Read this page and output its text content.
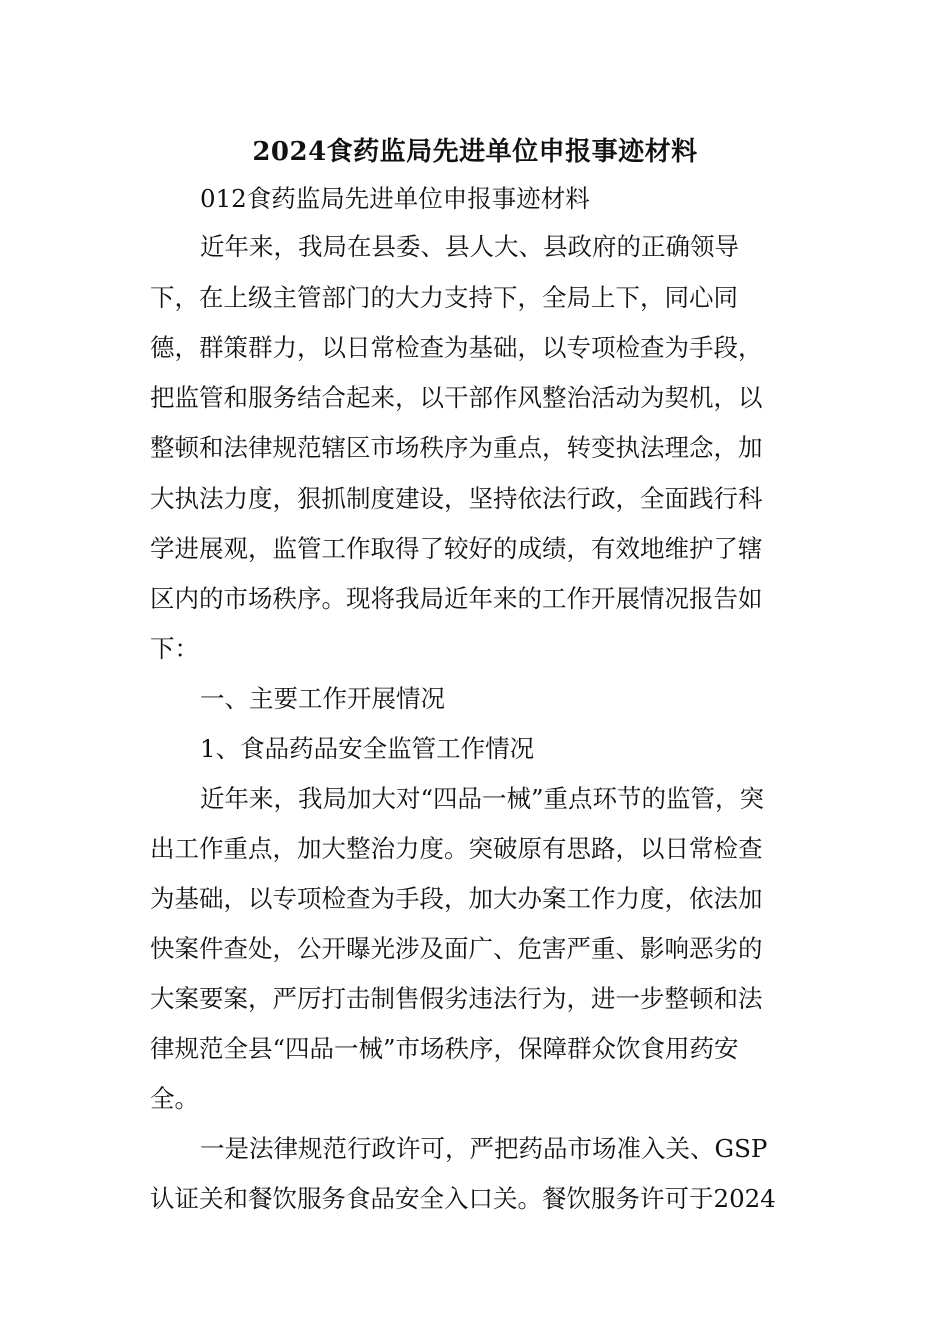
2024食药监局先进单位申报事迹材料

012食药监局先进单位申报事迹材料

近年来，我局在县委、县人大、县政府的正确领导

下，在上级主管部门的大力支持下，全局上下，同心同

德，群策群力，以日常检查为基础，以专项检查为手段，

把监管和服务结合起来，以干部作风整治活动为契机，以

整顿和法律规范辖区市场秩序为重点，转变执法理念，加

大执法力度，狠抓制度建设，坚持依法行政，全面践行科

学进展观，监管工作取得了较好的成绩，有效地维护了辖

区内的市场秩序。现将我局近年来的工作开展情况报告如

下：

一、主要工作开展情况

1、食品药品安全监管工作情况

近年来，我局加大对“四品一械”重点环节的监管，突

出工作重点，加大整治力度。突破原有思路，以日常检查

为基础，以专项检查为手段，加大办案工作力度，依法加

快案件查处，公开曝光涉及面广、危害严重、影响恶劣的

大案要案，严厉打击制售假劣违法行为，进一步整顿和法

律规范全县“四品一械”市场秩序，保障群众饮食用药安

全。

一是法律规范行政许可，严把药品市场准入关、GSP

认证关和餐饮服务食品安全入口关。餐饮服务许可于2024
